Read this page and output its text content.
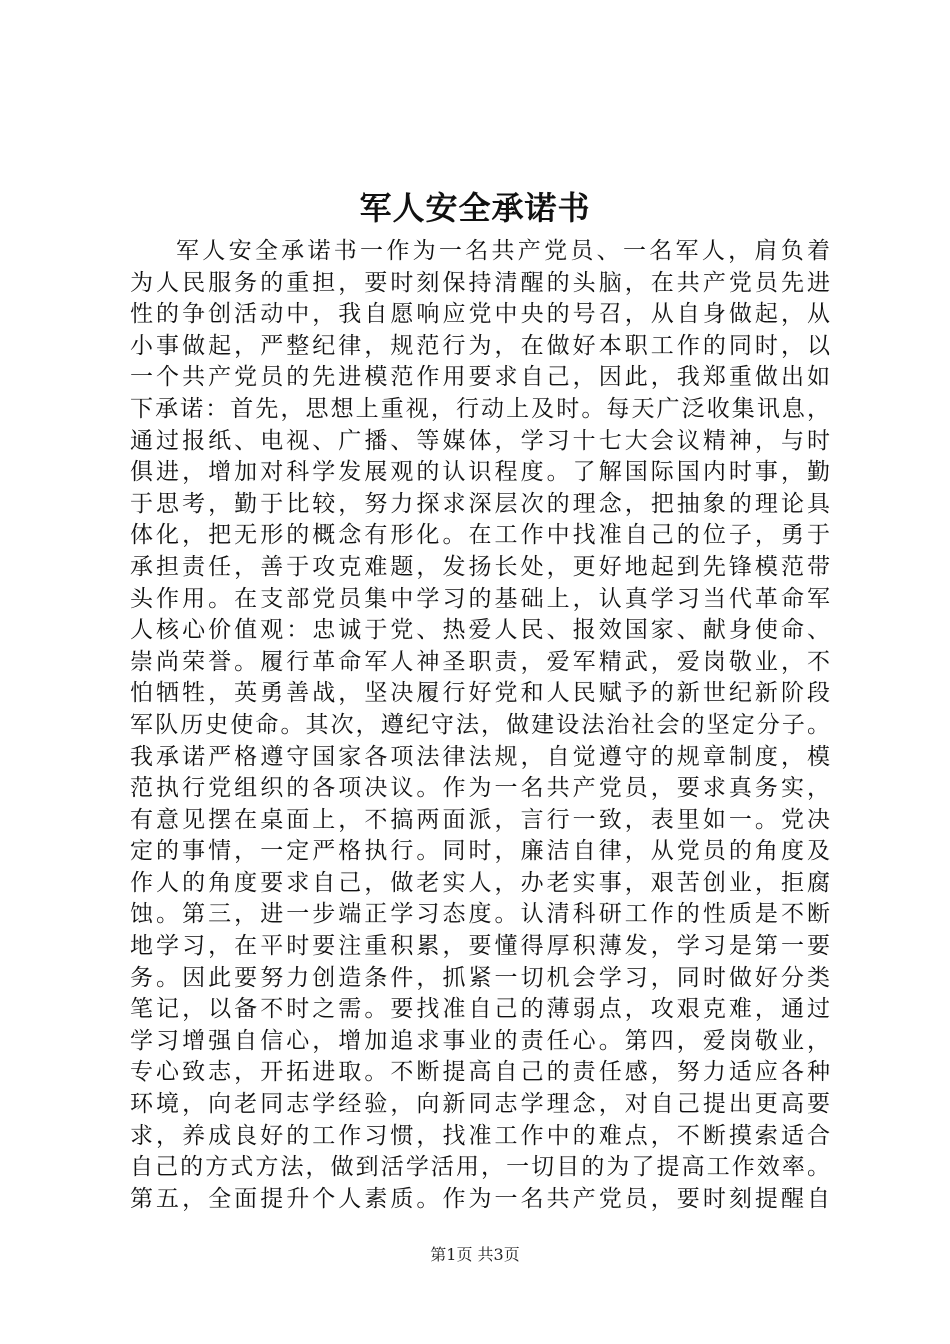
军人安全承诺书
军人安全承诺书一作为一名共产党员、一名军人，肩负着
为人民服务的重担，要时刻保持清醒的头脑，在共产党员先进
性的争创活动中，我自愿响应党中央的号召，从自身做起，从
小事做起，严整纪律，规范行为，在做好本职工作的同时，以
一个共产党员的先进模范作用要求自己，因此，我郑重做出如
下承诺：首先，思想上重视，行动上及时。每天广泛收集讯息，
通过报纸、电视、广播、等媒体，学习十七大会议精神，与时
俱进，增加对科学发展观的认识程度。了解国际国内时事，勤
于思考，勤于比较，努力探求深层次的理念，把抽象的理论具
体化，把无形的概念有形化。在工作中找准自己的位子，勇于
承担责任，善于攻克难题，发扬长处，更好地起到先锋模范带
头作用。在支部党员集中学习的基础上，认真学习当代革命军
人核心价值观：忠诚于党、热爱人民、报效国家、献身使命、
崇尚荣誉。履行革命军人神圣职责，爱军精武，爱岗敬业，不
怕牺牲，英勇善战，坚决履行好党和人民赋予的新世纪新阶段
军队历史使命。其次，遵纪守法，做建设法治社会的坚定分子。
我承诺严格遵守国家各项法律法规，自觉遵守的规章制度，模
范执行党组织的各项决议。作为一名共产党员，要求真务实，
有意见摆在桌面上，不搞两面派，言行一致，表里如一。党决
定的事情，一定严格执行。同时，廉洁自律，从党员的角度及
作人的角度要求自己，做老实人，办老实事，艰苦创业，拒腐
蚀。第三，进一步端正学习态度。认清科研工作的性质是不断
地学习，在平时要注重积累，要懂得厚积薄发，学习是第一要
务。因此要努力创造条件，抓紧一切机会学习，同时做好分类
笔记，以备不时之需。要找准自己的薄弱点，攻艰克难，通过
学习增强自信心，增加追求事业的责任心。第四，爱岗敬业，
专心致志，开拓进取。不断提高自己的责任感，努力适应各种
环境，向老同志学经验，向新同志学理念，对自己提出更高要
求，养成良好的工作习惯，找准工作中的难点，不断摸索适合
自己的方式方法，做到活学活用，一切目的为了提高工作效率。
第五，全面提升个人素质。作为一名共产党员，要时刻提醒自
第1页 共3页
